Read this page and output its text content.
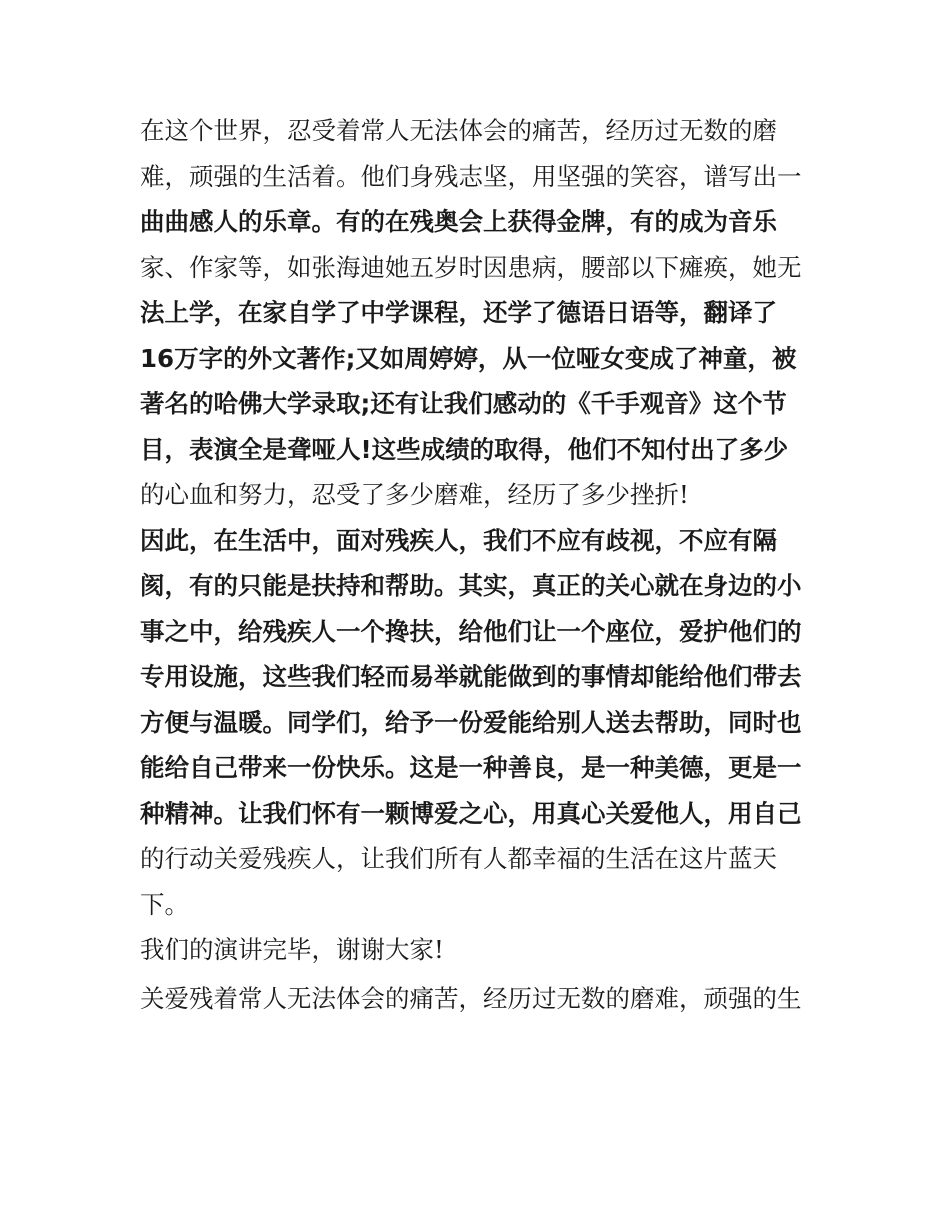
在这个世界，忍受着常人无法体会的痛苦，经历过无数的磨
难，顽强的生活着。他们身残志坚，用坚强的笑容，谱写出一
曲曲感人的乐章。有的在残奥会上获得金牌，有的成为音乐
家、作家等，如张海迪她五岁时因患病，腰部以下瘫痪，她无
法上学，在家自学了中学课程，还学了德语日语等，翻译了
16万字的外文著作;又如周婷婷，从一位哑女变成了神童，被
著名的哈佛大学录取;还有让我们感动的《千手观音》这个节
目，表演全是聋哑人!这些成绩的取得，他们不知付出了多少
的心血和努力，忍受了多少磨难，经历了多少挫折!
因此，在生活中，面对残疾人，我们不应有歧视，不应有隔
阂，有的只能是扶持和帮助。其实，真正的关心就在身边的小
事之中，给残疾人一个搀扶，给他们让一个座位，爱护他们的
专用设施，这些我们轻而易举就能做到的事情却能给他们带去
方便与温暖。同学们，给予一份爱能给别人送去帮助，同时也
能给自己带来一份快乐。这是一种善良，是一种美德，更是一
种精神。让我们怀有一颗博爱之心，用真心关爱他人，用自己
的行动关爱残疾人，让我们所有人都幸福的生活在这片蓝天
下。
我们的演讲完毕，谢谢大家!
关爱残着常人无法体会的痛苦，经历过无数的磨难，顽强的生
